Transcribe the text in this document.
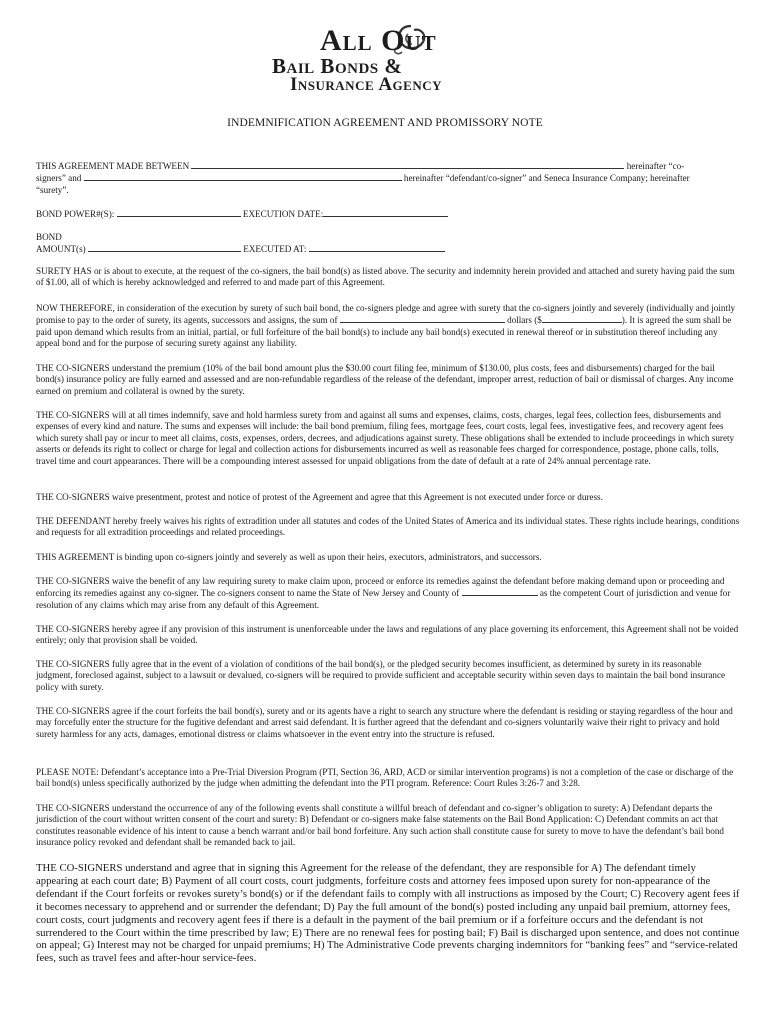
All Out
Bail Bonds &
Insurance Agency
INDEMNIFICATION AGREEMENT AND PROMISSORY NOTE

THIS AGREEMENT MADE BETWEEN	hereinafter “co-

signers” and	hereinafter “defendant/co-signer” and Seneca Insurance Company; hereinafter

“surety”.

BOND POWER#(S):	EXECUTION DATE:

BOND

AMOUNT(s)	EXECUTED AT:

SURETY HAS or is about to execute, at the request of the co-signers, the bail bond(s) as listed above. The security and indemnity herein provided and attached and surety having paid the sum of $1.00, all of which is hereby acknowledged and referred to and made part of this Agreement.

NOW THEREFORE, in consideration of the execution by surety of such bail bond, the co-signers pledge and agree with surety that the co-signers jointly and severely (individually and jointly promise to pay to the order of surety, its agents, successors and assigns, the sum of	dollars ($	). It is agreed the sum shall be paid upon demand which results from an initial, partial, or full forfeiture of the bail bond(s) to include any bail bond(s) executed in renewal thereof or in substitution thereof including any appeal bond and for the purpose of securing surety against any liability.

THE CO-SIGNERS understand the premium (10% of the bail bond amount plus the $30.00 court filing fee, minimum of $130.00, plus costs, fees and disbursements) charged for the bail bond(s) insurance policy are fully earned and assessed and are non-refundable regardless of the release of the defendant, improper arrest, reduction of bail or dismissal of charges. Any income earned on premium and collateral is owned by the surety.

THE CO-SIGNERS will at all times indemnify, save and hold harmless surety from and against all sums and expenses, claims, costs, charges, legal fees, collection fees, disbursements and expenses of every kind and nature. The sums and expenses will include: the bail bond premium, filing fees, mortgage fees, court costs, legal fees, investigative fees, and recovery agent fees which surety shall pay or incur to meet all claims, costs, expenses, orders, decrees, and adjudications against surety. These obligations shall be extended to include proceedings in which surety asserts or defends its right to collect or charge for legal and collection actions for disbursements incurred as well as reasonable fees charged for correspondence, postage, phone calls, tolls, travel time and court appearances. There will be a compounding interest assessed for unpaid obligations from the date of default at a rate of 24% annual percentage rate.

THE CO-SIGNERS waive presentment, protest and notice of protest of the Agreement and agree that this Agreement is not executed under force or duress.

THE DEFENDANT hereby freely waives his rights of extradition under all statutes and codes of the United States of America and its individual states. These rights include hearings, conditions and requests for all extradition proceedings and related proceedings.

THIS AGREEMENT is binding upon co-signers jointly and severely as well as upon their heirs, executors, administrators, and successors.

THE CO-SIGNERS waive the benefit of any law requiring surety to make claim upon, proceed or enforce its remedies against the defendant before making demand upon or proceeding and enforcing its remedies against any co-signer. The co-signers consent to name the State of New Jersey and County of	as the competent Court of jurisdiction and venue for resolution of any claims which may arise from any default of this Agreement.

THE CO-SIGNERS hereby agree if any provision of this instrument is unenforceable under the laws and regulations of any place governing its enforcement, this Agreement shall not be voided entirely; only that provision shall be voided.

THE CO-SIGNERS fully agree that in the event of a violation of conditions of the bail bond(s), or the pledged security becomes insufficient, as determined by surety in its reasonable judgment, foreclosed against, subject to a lawsuit or devalued, co-signers will be required to provide sufficient and acceptable security within seven days to maintain the bail bond insurance policy with surety.

THE CO-SIGNERS agree if the court forfeits the bail bond(s), surety and or its agents have a right to search any structure where the defendant is residing or staying regardless of the hour and may forcefully enter the structure for the fugitive defendant and arrest said defendant. It is further agreed that the defendant and co-signers voluntarily waive their right to privacy and hold surety harmless for any acts, damages, emotional distress or claims whatsoever in the event entry into the structure is refused.

PLEASE NOTE: Defendant’s acceptance into a Pre-Trial Diversion Program (PTI, Section 36, ARD, ACD or similar intervention programs) is not a completion of the case or discharge of the bail bond(s) unless specifically authorized by the judge when admitting the defendant into the PTI program. Reference: Court Rules 3:26-7 and 3:28.

THE CO-SIGNERS understand the occurrence of any of the following events shall constitute a willful breach of defendant and co-signer’s obligation to surety: A) Defendant departs the jurisdiction of the court without written consent of the court and surety: B) Defendant or co-signers make false statements on the Bail Bond Application: C) Defendant commits an act that constitutes reasonable evidence of his intent to cause a bench warrant and/or bail bond forfeiture. Any such action shall constitute cause for surety to move to have the defendant’s bail bond insurance policy revoked and defendant shall be remanded back to jail.

THE CO-SIGNERS understand and agree that in signing this Agreement for the release of the defendant, they are responsible for A) The defendant timely appearing at each court date; B) Payment of all court costs, court judgments, forfeiture costs and attorney fees imposed upon surety for non-appearance of the defendant if the Court forfeits or revokes surety’s bond(s) or if the defendant fails to comply with all instructions as imposed by the Court; C) Recovery agent fees if it becomes necessary to apprehend and or surrender the defendant; D) Pay the full amount of the bond(s) posted including any unpaid bail premium, attorney fees, court costs, court judgments and recovery agent fees if there is a default in the payment of the bail premium or if a forfeiture occurs and the defendant is not surrendered to the Court within the time prescribed by law; E) There are no renewal fees for posting bail; F) Bail is discharged upon sentence, and does not continue on appeal; G) Interest may not be charged for unpaid premiums; H) The Administrative Code prevents charging indemnitors for “banking fees” and “service-related fees, such as travel fees and after-hour service-fees.
